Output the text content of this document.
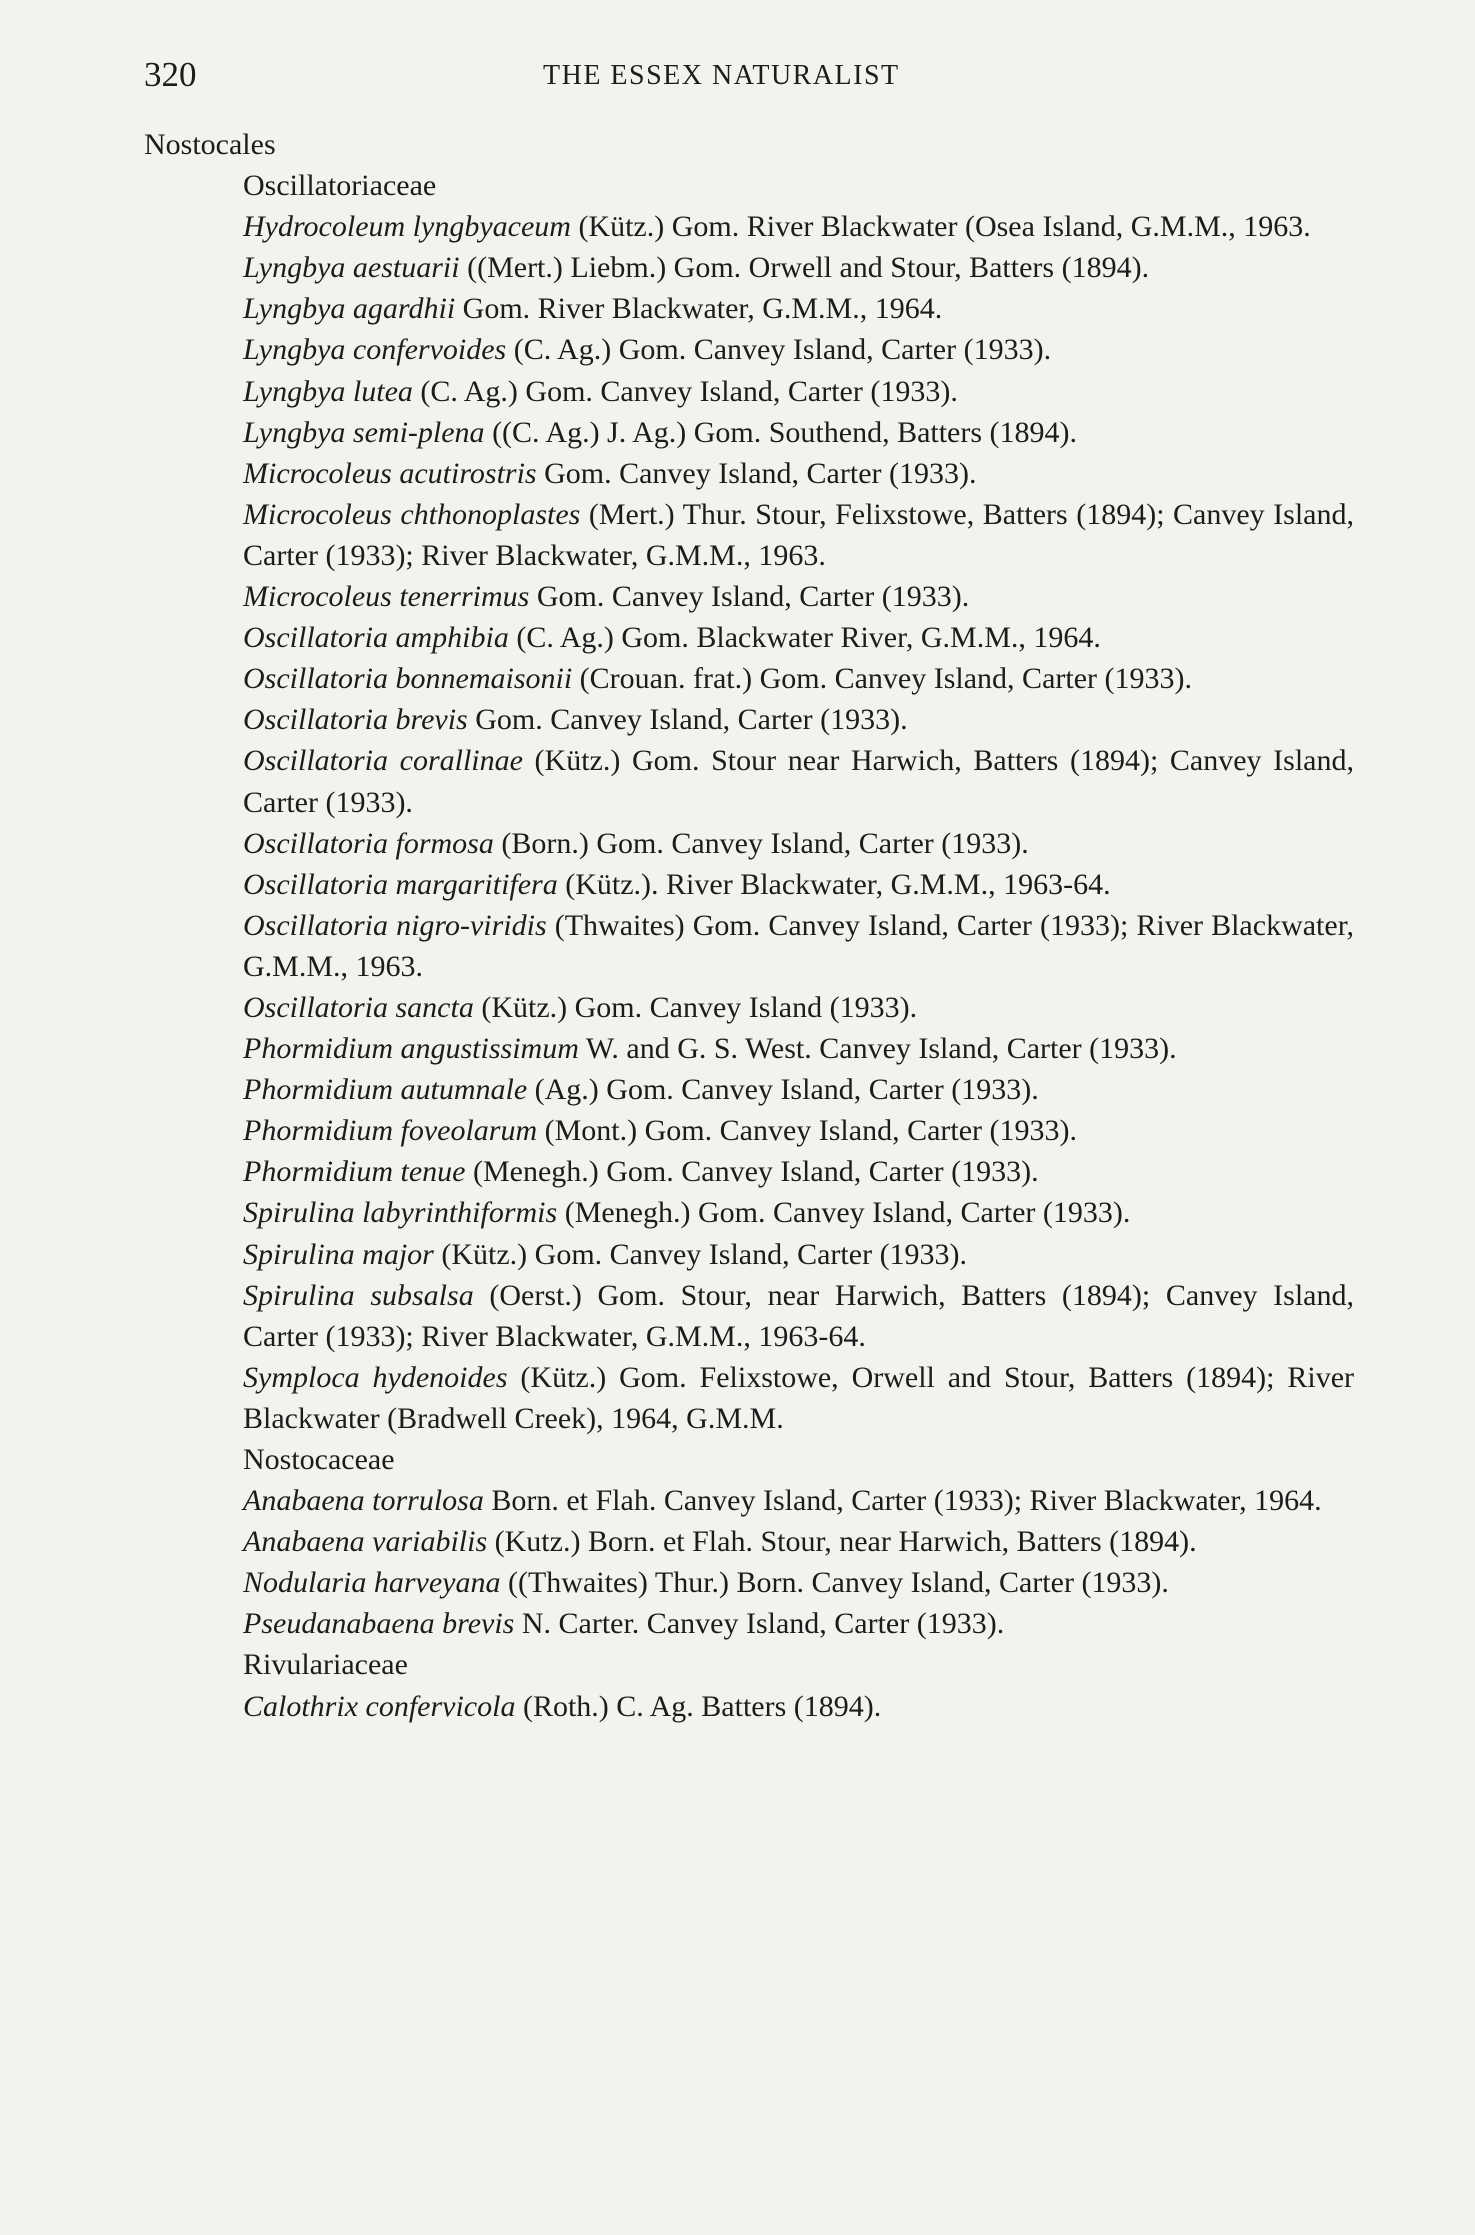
320	THE ESSEX NATURALIST
Nostocales
Oscillatoriaceae
Hydrocoleum lyngbyaceum (Kütz.) Gom. River Blackwater (Osea Island, G.M.M., 1963.
Lyngbya aestuarii ((Mert.) Liebm.) Gom. Orwell and Stour, Batters (1894).
Lyngbya agardhii Gom. River Blackwater, G.M.M., 1964.
Lyngbya confervoides (C. Ag.) Gom. Canvey Island, Carter (1933).
Lyngbya lutea (C. Ag.) Gom. Canvey Island, Carter (1933).
Lyngbya semi-plena ((C. Ag.) J. Ag.) Gom. Southend, Batters (1894).
Microcoleus acutirostris Gom. Canvey Island, Carter (1933).
Microcoleus chthonoplastes (Mert.) Thur. Stour, Felixstowe, Batters (1894); Canvey Island, Carter (1933); River Blackwater, G.M.M., 1963.
Microcoleus tenerrimus Gom. Canvey Island, Carter (1933).
Oscillatoria amphibia (C. Ag.) Gom. Blackwater River, G.M.M., 1964.
Oscillatoria bonnemaisonii (Crouan. frat.) Gom. Canvey Island, Carter (1933).
Oscillatoria brevis Gom. Canvey Island, Carter (1933).
Oscillatoria corallinae (Kütz.) Gom. Stour near Harwich, Batters (1894); Canvey Island, Carter (1933).
Oscillatoria formosa (Born.) Gom. Canvey Island, Carter (1933).
Oscillatoria margaritifera (Kütz.). River Blackwater, G.M.M., 1963-64.
Oscillatoria nigro-viridis (Thwaites) Gom. Canvey Island, Carter (1933); River Blackwater, G.M.M., 1963.
Oscillatoria sancta (Kütz.) Gom. Canvey Island (1933).
Phormidium angustissimum W. and G. S. West. Canvey Island, Carter (1933).
Phormidium autumnale (Ag.) Gom. Canvey Island, Carter (1933).
Phormidium foveolarum (Mont.) Gom. Canvey Island, Carter (1933).
Phormidium tenue (Menegh.) Gom. Canvey Island, Carter (1933).
Spirulina labyrinthiformis (Menegh.) Gom. Canvey Island, Carter (1933).
Spirulina major (Kütz.) Gom. Canvey Island, Carter (1933).
Spirulina subsalsa (Oerst.) Gom. Stour, near Harwich, Batters (1894); Canvey Island, Carter (1933); River Blackwater, G.M.M., 1963-64.
Symploca hydenoides (Kütz.) Gom. Felixstowe, Orwell and Stour, Batters (1894); River Blackwater (Bradwell Creek), 1964, G.M.M.
Nostocaceae
Anabaena torrulosa Born. et Flah. Canvey Island, Carter (1933); River Blackwater, 1964.
Anabaena variabilis (Kutz.) Born. et Flah. Stour, near Harwich, Batters (1894).
Nodularia harveyana ((Thwaites) Thur.) Born. Canvey Island, Carter (1933).
Pseudanabaena brevis N. Carter. Canvey Island, Carter (1933).
Rivulariaceae
Calothrix confervicola (Roth.) C. Ag. Batters (1894).
